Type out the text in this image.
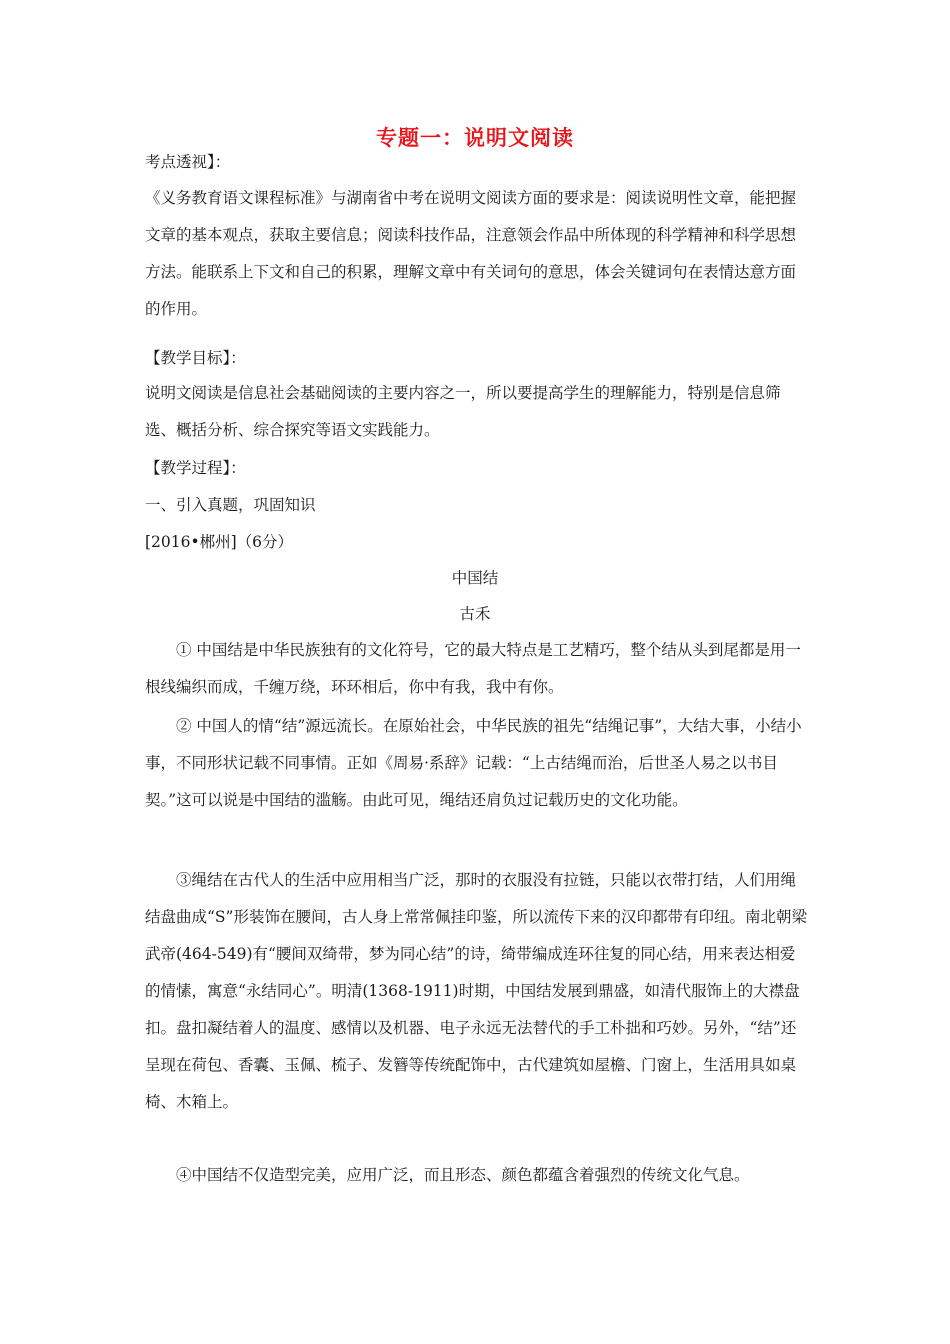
专题一：说明文阅读
考点透视】：

《义务教育语文课程标准》与湖南省中考在说明文阅读方面的要求是：阅读说明性文章，能把握文章的基本观点，获取主要信息；阅读科技作品，注意领会作品中所体现的科学精神和科学思想方法。能联系上下文和自己的积累，理解文章中有关词句的意思，体会关键词句在表情达意方面的作用。

【教学目标】：

说明文阅读是信息社会基础阅读的主要内容之一，所以要提高学生的理解能力，特别是信息筛选、概括分析、综合探究等语文实践能力。

【教学过程】：
一、引入真题，巩固知识
[2016•郴州]（6分）
中国结
古禾

① 中国结是中华民族独有的文化符号，它的最大特点是工艺精巧，整个结从头到尾都是用一根线编织而成，千缠万绕，环环相后，你中有我，我中有你。

② 中国人的情“结”源远流长。在原始社会，中华民族的祖先“结绳记事”，大结大事，小结小事，不同形状记载不同事情。正如《周易·系辞》记载：“上古结绳而治，后世圣人易之以书目契。”这可以说是中国结的滥觞。由此可见，绳结还肩负过记载历史的文化功能。

③绳结在古代人的生活中应用相当广泛，那时的衣服没有拉链，只能以衣带打结，人们用绳结盘曲成“S”形装饰在腰间，古人身上常常佩挂印鉴，所以流传下来的汉印都带有印纽。南北朝梁武帝(464-549)有“腰间双绮带，梦为同心结”的诗，绮带编成连环往复的同心结，用来表达相爱的情愫，寓意“永结同心”。明清(1368-1911)时期，中国结发展到鼎盛，如清代服饰上的大襟盘扣。盘扣凝结着人的温度、感情以及机器、电子永远无法替代的手工朴拙和巧妙。另外，“结”还呈现在荷包、香囊、玉佩、梳子、发簪等传统配饰中，古代建筑如屋檐、门窗上，生活用具如桌椅、木箱上。

④中国结不仅造型完美，应用广泛，而且形态、颜色都蕴含着强烈的传统文化气息。
